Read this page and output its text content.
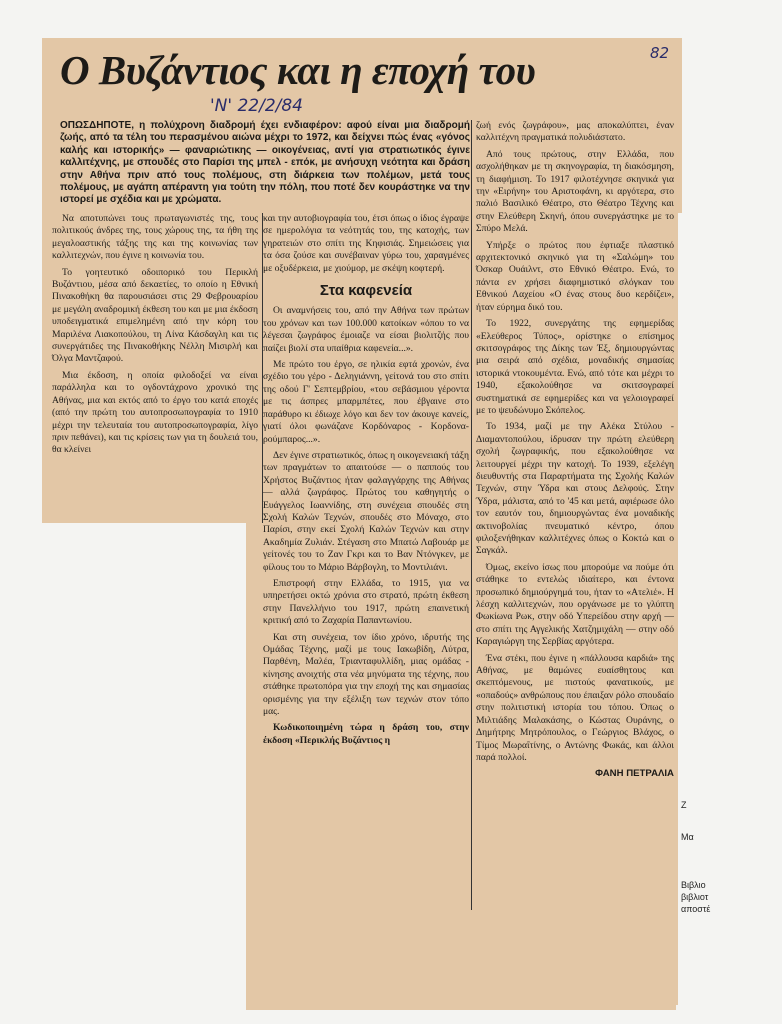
82
Ο Βυζάντιος και η εποχή του
'Ν' 22/2/84
ΟΠΩΣΔΗΠΟΤΕ, η πολύχρονη διαδρομή έχει ενδιαφέρον: αφού είναι μια διαδρομή ζωής, από τα τέλη του περασμένου αιώνα μέχρι το 1972, και δείχνει πώς ένας «γόνος καλής και ιστορικής» — φαναριώτικης — οικογένειας, αντί για στρατιωτικός έγινε καλλιτέχνης, με σπουδές στο Παρίσι της μπελ - επόκ, με ανήσυχη νεότητα και δράση στην Αθήνα πριν από τους πολέμους, στη διάρκεια των πολέμων, μετά τους πολέμους, με αγάπη απέραντη για τούτη την πόλη, που ποτέ δεν κουράστηκε να την ιστορεί με σχέδια και με χρώματα.

Να αποτυπώνει τους πρωταγωνιστές της, τους πολιτικούς άνδρες της, τους χώρους της, τα ήθη της μεγαλοαστικής τάξης της και της κοινωνίας των καλλιτεχνών, που έγινε η κοινωνία του.

Το γοητευτικό οδοιπορικό του Περικλή Βυζάντιου, μέσα από δεκαετίες, το οποίο η Εθνική Πινακοθήκη θα παρουσιάσει στις 29 Φεβρουαρίου με μεγάλη αναδρομική έκθεση του και με μια έκδοση υποδειγματικά επιμελημένη από την κόρη του Μαριλένα Λιακοπούλου, τη Λίνα Κάσδαγλη και τις συνεργάτιδες της Πινακοθήκης Νέλλη Μισιρλή και Όλγα Μαντζαφού.

Μια έκδοση, η οποία φιλοδοξεί να είναι παράλληλα και το ογδοντάχρονο χρονικό της Αθήνας, μια και εκτός από το έργο του κατά εποχές (από την πρώτη του αυτοπροσωπογραφία το 1910 μέχρι την τελευταία του αυτοπροσωπογραφία, λίγο πριν πεθάνει), και τις κρίσεις των για τη δουλειά του, θα κλείνει

και την αυτοβιογραφία του, έτσι όπως ο ίδιος έγραψε σε ημερολόγια τα νεότητάς του, της κατοχής, των γηρατειών στο σπίτι της Κηφισιάς. Σημειώσεις για τα όσα ζούσε και συνέβαιναν γύρω του, χαραγμένες με οξυδέρκεια, με χιούμορ, με σκέψη κοφτερή.

Στα καφενεία

Οι αναμνήσεις του, από την Αθήνα των πρώτων του χρόνων και των 100.000 κατοίκων «όπου το να λέγεσαι ζωγράφος έμοιαζε να είσαι βιολιτζής που παίζει βιολί στα υπαίθρια καφενεία...».

Με πρώτο του έργο, σε ηλικία εφτά χρονών, ένα σχέδιο του γέρο - Δεληγιάννη, γείτονά του στο σπίτι της οδού Γ' Σεπτεμβρίου, «του σεβάσμιου γέροντα με τις άσπρες μπαρμπέτες, που έβγαινε στο παράθυρο κι έδιωχε λόγο και δεν τον άκουγε κανείς, γιατί όλοι φωνάζανε Κορδόναρος - Κορδονα-ρούμπαρος...».

Δεν έγινε στρατιωτικός, όπως η οικογενειακή τάξη των πραγμάτων το απαιτούσε — ο παππούς του Χρήστος Βυζάντιος ήταν φαλαγγάρχης της Αθήνας — αλλά ζωγράφος. Πρώτος του καθηγητής ο Ευάγγελος Ιωαννίδης, στη συνέχεια σπουδές στη Σχολή Καλών Τεχνών, σπουδές στο Μόναχο, στο Παρίσι, στην εκεί Σχολή Καλών Τεχνών και στην Ακαδημία Ζυλιάν. Στέγαση στο Μπατώ Λαβουάρ με γείτονές του το Ζαν Γκρι και το Βαν Ντόνγκεν, με φίλους του το Μάριο Βάρβογλη, το Μοντιλιάνι.

Επιστροφή στην Ελλάδα, το 1915, για να υπηρετήσει οκτώ χρόνια στο στρατό, πρώτη έκθεση στην Πανελλήνιο του 1917, πρώτη επαινετική κριτική από το Ζαχαρία Παπαντωνίου.

Και στη συνέχεια, τον ίδιο χρόνο, ιδρυτής της Ομάδας Τέχνης, μαζί με τους Ιακωβίδη, Λύτρα, Παρθένη, Μαλέα, Τριανταφυλλίδη, μιας ομάδας - κίνησης ανοιχτής στα νέα μηνύματα της τέχνης, που στάθηκε πρωτοπόρα για την εποχή της και σημασίας ορισμένης για την εξέλιξη των τεχνών στον τόπο μας.

Κωδικοποιημένη τώρα η δράση του, στην έκδοση «Περικλής Βυζάντιος η

ζωή ενός ζωγράφου», μας αποκαλύπτει, έναν καλλιτέχνη πραγματικά πολυδιάστατο.

Από τους πρώτους, στην Ελλάδα, που ασχολήθηκαν με τη σκηνογραφία, τη διακόσμηση, τη διαφήμιση. Το 1917 φιλοτέχνησε σκηνικά για την «Ειρήνη» του Αριστοφάνη, κι αργότερα, στο παλιό Βασιλικό Θέατρο, στο Θέατρο Τέχνης και στην Ελεύθερη Σκηνή, όπου συνεργάστηκε με το Σπύρο Μελά.

Υπήρξε ο πρώτος που έφτιαξε πλαστικό αρχιτεκτονικό σκηνικό για τη «Σαλώμη» του Όσκαρ Ουάιλντ, στο Εθνικό Θέατρο. Ενώ, το πάντα εν χρήσει διαφημιστικό σλόγκαν του Εθνικού Λαχείου «Ο ένας στους δυο κερδίζει», ήταν εύρημα δικό του.

Το 1922, συνεργάτης της εφημερίδας «Ελεύθερος Τύπος», ορίστηκε ο επίσημος σκιτσογράφος της Δίκης των Έξ, δημιουργώντας μια σειρά από σχέδια, μοναδικής σημασίας ιστορικά ντοκουμέντα. Ενώ, από τότε και μέχρι το 1940, εξακολούθησε να σκιτσογραφεί συστηματικά σε εφημερίδες και να γελοιογραφεί με το ψευδώνυμο Σκόπελος.

Το 1934, μαζί με την Αλέκα Στύλου - Διαμαντοπούλου, ίδρυσαν την πρώτη ελεύθερη σχολή ζωγραφικής, που εξακολούθησε να λειτουργεί μέχρι την κατοχή. Το 1939, εξελέγη διευθυντής στα Παραρτήματα της Σχολής Καλών Τεχνών, στην Ύδρα και στους Δελφούς. Στην Ύδρα, μάλιστα, από το '45 και μετά, αφιέρωσε όλο τον εαυτόν του, δημιουργώντας ένα μοναδικής ακτινοβολίας πνευματικό κέντρο, όπου φιλοξενήθηκαν καλλιτέχνες όπως ο Κοκτώ και ο Σαγκάλ.

Όμως, εκείνο ίσως που μπορούμε να πούμε ότι στάθηκε το εντελώς ιδιαίτερο, και έντονα προσωπικό δημιούργημά του, ήταν το «Ατελιέ». Η λέσχη καλλιτεχνών, που οργάνωσε με το γλύπτη Φωκίωνα Ρωκ, στην οδό Υπερείδου στην αρχή — στο σπίτι της Αγγελικής Χατζημιχάλη — στην οδό Καραγιώργη της Σερβίας αργότερα.

Ένα στέκι, που έγινε η «πάλλουσα καρδιά» της Αθήνας, με θαμώνες ευαίσθητους και σκεπτόμενους, με πιστούς φανατικούς, με «οπαδούς» ανθρώπους που έπαιξαν ρόλο σπουδαίο στην πολιτιστική ιστορία του τόπου. Όπως ο Μιλτιάδης Μαλακάσης, ο Κώστας Ουράνης, ο Δημήτρης Μητρόπουλος, ο Γεώργιος Βλάχος, ο Τίμος Μωραΐτίνης, ο Αντώνης Φωκάς, και άλλοι παρά πολλοί.

ΦΑΝΗ ΠΕΤΡΑΛΙΑ
Ζ
Μα
Βιβλιο
βιβλιοτ
αποστέ
